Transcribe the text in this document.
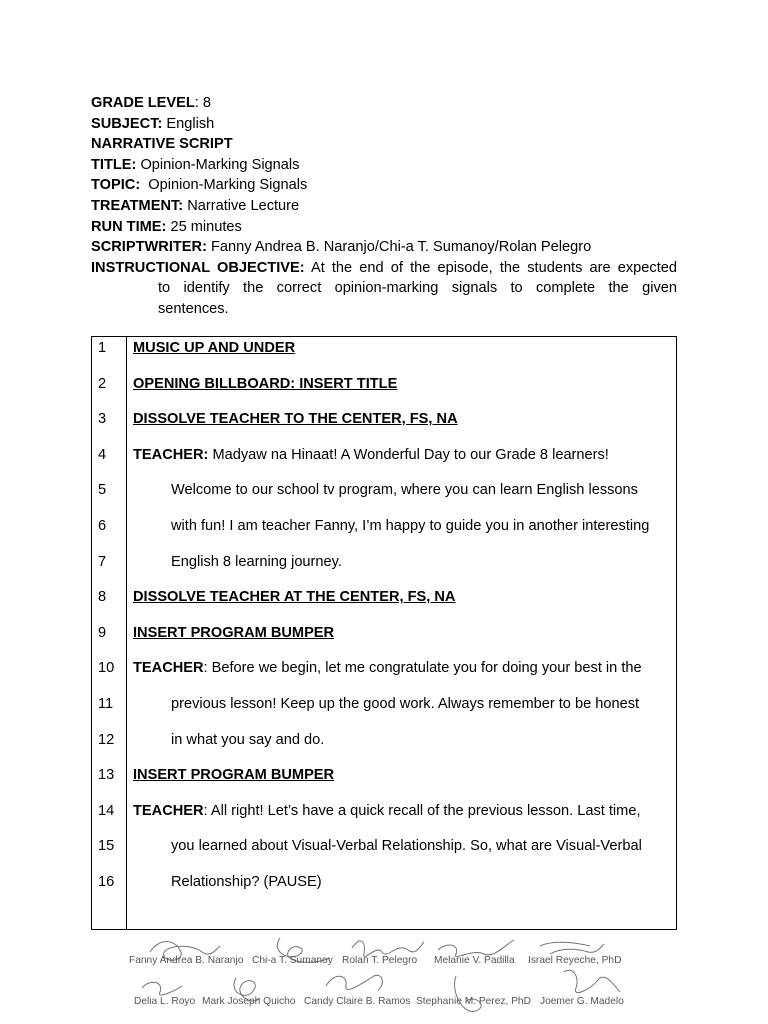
GRADE LEVEL: 8
SUBJECT: English
NARRATIVE SCRIPT
TITLE: Opinion-Marking Signals
TOPIC:  Opinion-Marking Signals
TREATMENT: Narrative Lecture
RUN TIME: 25 minutes
SCRIPTWRITER: Fanny Andrea B. Naranjo/Chi-a T. Sumanoy/Rolan Pelegro
INSTRUCTIONAL OBJECTIVE: At the end of the episode, the students are expected
to identify the correct opinion-marking signals to complete the given
sentences.
1	MUSIC UP AND UNDER
2	OPENING BILLBOARD: INSERT TITLE
3	DISSOLVE TEACHER TO THE CENTER, FS, NA
4	TEACHER: Madyaw na Hinaat! A Wonderful Day to our Grade 8 learners!
5	Welcome to our school tv program, where you can learn English lessons
6	with fun! I am teacher Fanny, I’m happy to guide you in another interesting
7	English 8 learning journey.
8	DISSOLVE TEACHER AT THE CENTER, FS, NA
9	INSERT PROGRAM BUMPER
10	TEACHER: Before we begin, let me congratulate you for doing your best in the
11	previous lesson! Keep up the good work. Always remember to be honest
12	in what you say and do.
13	INSERT PROGRAM BUMPER
14	TEACHER: All right! Let’s have a quick recall of the previous lesson. Last time,
15	you learned about Visual-Verbal Relationship. So, what are Visual-Verbal
16	Relationship? (PAUSE)
Fanny Andrea B. Naranjo Chi-a T. Sumanoy Rolan T. Pelegro Melanie V. Padilla Israel Reyeche, PhD
Delia L. Royo Mark Joseph Quicho Candy Claire B. Ramos Stephanie M. Perez, PhD Joemer G. Madelo
